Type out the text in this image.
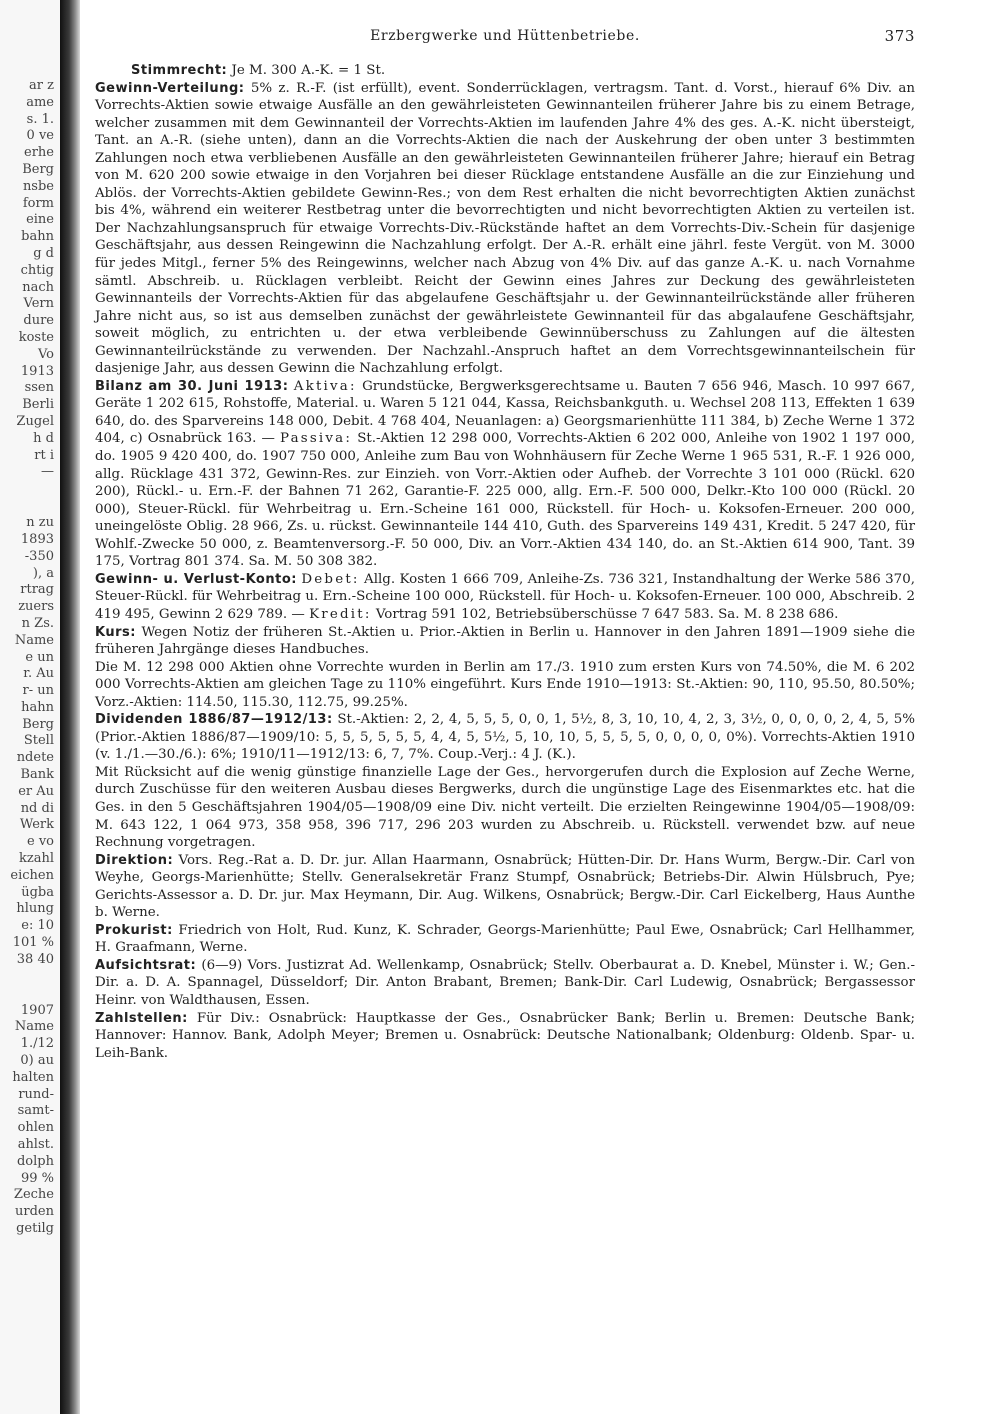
ar z
ame
s. 1.
0 ve
erhe
Berg
nsbe
form
eine
bahn
g d
chtig
nach
Vern
dure
koste
Vo
1913
ssen
Berli
Zugel
h d
rt i
—
n zu
1893
-350
), a
rtrag
zuers
n Zs.
Name
e un
r. Au
r- un
hahn
Berg
Stell
ndete
Bank
er Au
nd di
Werk
e vo
kzahl
eichen
ügba
hlung
e: 10
101 %
38 40
1907
Name
1./12
0) au
halten
rund-
samt-
ohlen
ahlst.
dolph
99 %
Zeche
urden
getilg
Erzbergwerke und Hüttenbetriebe.	373

Stimmrecht: Je M. 300 A.-K. = 1 St.

Gewinn-Verteilung: 5% z. R.-F. (ist erfüllt), event. Sonderrücklagen, vertragsm. Tant. d. Vorst., hierauf 6% Div. an Vorrechts-Aktien sowie etwaige Ausfälle an den gewährleisteten Gewinnanteilen früherer Jahre bis zu einem Betrage, welcher zusammen mit dem Gewinnanteil der Vorrechts-Aktien im laufenden Jahre 4% des ges. A.-K. nicht übersteigt, Tant. an A.-R. (siehe unten), dann an die Vorrechts-Aktien die nach der Auskehrung der oben unter 3 bestimmten Zahlungen noch etwa verbliebenen Ausfälle an den gewährleisteten Gewinnanteilen früherer Jahre; hierauf ein Betrag von M. 620 200 sowie etwaige in den Vorjahren bei dieser Rücklage entstandene Ausfälle an die zur Einziehung und Ablös. der Vorrechts-Aktien gebildete Gewinn-Res.; von dem Rest erhalten die nicht bevorrechtigten Aktien zunächst bis 4%, während ein weiterer Restbetrag unter die bevorrechtigten und nicht bevorrechtigten Aktien zu verteilen ist. Der Nachzahlungsanspruch für etwaige Vorrechts-Div.-Rückstände haftet an dem Vorrechts-Div.-Schein für dasjenige Geschäftsjahr, aus dessen Reingewinn die Nachzahlung erfolgt. Der A.-R. erhält eine jährl. feste Vergüt. von M. 3000 für jedes Mitgl., ferner 5% des Reingewinns, welcher nach Abzug von 4% Div. auf das ganze A.-K. u. nach Vornahme sämtl. Abschreib. u. Rücklagen verbleibt. Reicht der Gewinn eines Jahres zur Deckung des gewährleisteten Gewinnanteils der Vorrechts-Aktien für das abgelaufene Geschäftsjahr u. der Gewinnanteilrückstände aller früheren Jahre nicht aus, so ist aus demselben zunächst der gewährleistete Gewinnanteil für das abgalaufene Geschäftsjahr, soweit möglich, zu entrichten u. der etwa verbleibende Gewinnüberschuss zu Zahlungen auf die ältesten Gewinnanteilrückstände zu verwenden. Der Nachzahl.-Anspruch haftet an dem Vorrechtsgewinnanteilschein für dasjenige Jahr, aus dessen Gewinn die Nachzahlung erfolgt.

Bilanz am 30. Juni 1913: Aktiva: Grundstücke, Bergwerksgerechtsame u. Bauten 7 656 946, Masch. 10 997 667, Geräte 1 202 615, Rohstoffe, Material. u. Waren 5 121 044, Kassa, Reichsbankguth. u. Wechsel 208 113, Effekten 1 639 640, do. des Sparvereins 148 000, Debit. 4 768 404, Neuanlagen: a) Georgsmarienhütte 111 384, b) Zeche Werne 1 372 404, c) Osnabrück 163. — Passiva: St.-Aktien 12 298 000, Vorrechts-Aktien 6 202 000, Anleihe von 1902 1 197 000, do. 1905 9 420 400, do. 1907 750 000, Anleihe zum Bau von Wohnhäusern für Zeche Werne 1 965 531, R.-F. 1 926 000, allg. Rücklage 431 372, Gewinn-Res. zur Einzieh. von Vorr.-Aktien oder Aufheb. der Vorrechte 3 101 000 (Rückl. 620 200), Rückl.- u. Ern.-F. der Bahnen 71 262, Garantie-F. 225 000, allg. Ern.-F. 500 000, Delkr.-Kto 100 000 (Rückl. 20 000), Steuer-Rückl. für Wehrbeitrag u. Ern.-Scheine 161 000, Rückstell. für Hoch- u. Koksofen-Erneuer. 200 000, uneingelöste Oblig. 28 966, Zs. u. rückst. Gewinnanteile 144 410, Guth. des Sparvereins 149 431, Kredit. 5 247 420, für Wohlf.-Zwecke 50 000, z. Beamtenversorg.-F. 50 000, Div. an Vorr.-Aktien 434 140, do. an St.-Aktien 614 900, Tant. 39 175, Vortrag 801 374. Sa. M. 50 308 382.

Gewinn- u. Verlust-Konto: Debet: Allg. Kosten 1 666 709, Anleihe-Zs. 736 321, Instandhaltung der Werke 586 370, Steuer-Rückl. für Wehrbeitrag u. Ern.-Scheine 100 000, Rückstell. für Hoch- u. Koksofen-Erneuer. 100 000, Abschreib. 2 419 495, Gewinn 2 629 789. — Kredit: Vortrag 591 102, Betriebsüberschüsse 7 647 583. Sa. M. 8 238 686.

Kurs: Wegen Notiz der früheren St.-Aktien u. Prior.-Aktien in Berlin u. Hannover in den Jahren 1891—1909 siehe die früheren Jahrgänge dieses Handbuches.

Die M. 12 298 000 Aktien ohne Vorrechte wurden in Berlin am 17./3. 1910 zum ersten Kurs von 74.50%, die M. 6 202 000 Vorrechts-Aktien am gleichen Tage zu 110% eingeführt. Kurs Ende 1910—1913: St.-Aktien: 90, 110, 95.50, 80.50%; Vorz.-Aktien: 114.50, 115.30, 112.75, 99.25%.

Dividenden 1886/87—1912/13: St.-Aktien: 2, 2, 4, 5, 5, 5, 0, 0, 1, 5½, 8, 3, 10, 10, 4, 2, 3, 3½, 0, 0, 0, 0, 2, 4, 5, 5% (Prior.-Aktien 1886/87—1909/10: 5, 5, 5, 5, 5, 5, 4, 4, 5, 5½, 5, 10, 10, 5, 5, 5, 5, 0, 0, 0, 0, 0%). Vorrechts-Aktien 1910 (v. 1./1.—30./6.): 6%; 1910/11—1912/13: 6, 7, 7%. Coup.-Verj.: 4 J. (K.).

Mit Rücksicht auf die wenig günstige finanzielle Lage der Ges., hervorgerufen durch die Explosion auf Zeche Werne, durch Zuschüsse für den weiteren Ausbau dieses Bergwerks, durch die ungünstige Lage des Eisenmarktes etc. hat die Ges. in den 5 Geschäftsjahren 1904/05—1908/09 eine Div. nicht verteilt. Die erzielten Reingewinne 1904/05—1908/09: M. 643 122, 1 064 973, 358 958, 396 717, 296 203 wurden zu Abschreib. u. Rückstell. verwendet bzw. auf neue Rechnung vorgetragen.

Direktion: Vors. Reg.-Rat a. D. Dr. jur. Allan Haarmann, Osnabrück; Hütten-Dir. Dr. Hans Wurm, Bergw.-Dir. Carl von Weyhe, Georgs-Marienhütte; Stellv. Generalsekretär Franz Stumpf, Osnabrück; Betriebs-Dir. Alwin Hülsbruch, Pye; Gerichts-Assessor a. D. Dr. jur. Max Heymann, Dir. Aug. Wilkens, Osnabrück; Bergw.-Dir. Carl Eickelberg, Haus Aunthe b. Werne.

Prokurist: Friedrich von Holt, Rud. Kunz, K. Schrader, Georgs-Marienhütte; Paul Ewe, Osnabrück; Carl Hellhammer, H. Graafmann, Werne.

Aufsichtsrat: (6—9) Vors. Justizrat Ad. Wellenkamp, Osnabrück; Stellv. Oberbaurat a. D. Knebel, Münster i. W.; Gen.-Dir. a. D. A. Spannagel, Düsseldorf; Dir. Anton Brabant, Bremen; Bank-Dir. Carl Ludewig, Osnabrück; Bergassessor Heinr. von Waldthausen, Essen.

Zahlstellen: Für Div.: Osnabrück: Hauptkasse der Ges., Osnabrücker Bank; Berlin u. Bremen: Deutsche Bank; Hannover: Hannov. Bank, Adolph Meyer; Bremen u. Osnabrück: Deutsche Nationalbank; Oldenburg: Oldenb. Spar- u. Leih-Bank.
